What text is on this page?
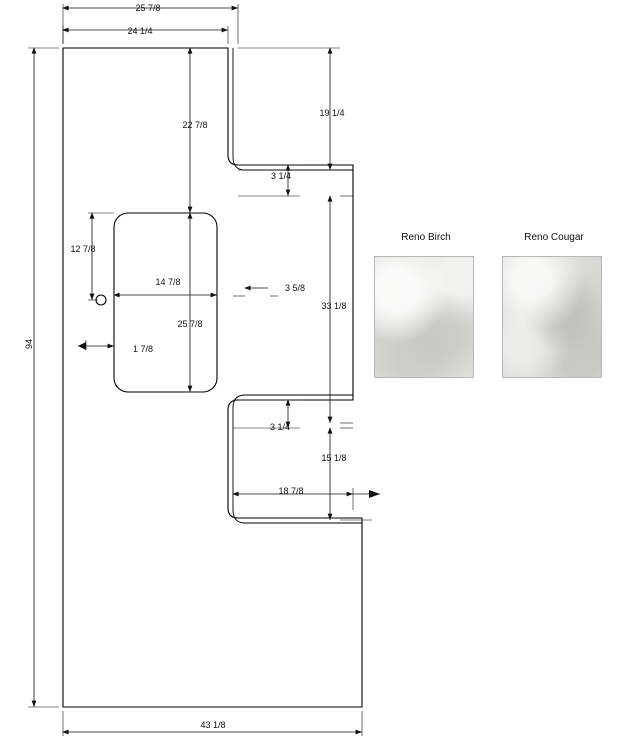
25 7/8
24 1/4
22 7/8
19 1/4
3 1/4
12 7/8
14 7/8
3 5/8
33 1/8
25 7/8
1 7/8
94
3 1/4
15 1/8
18 7/8
43 1/8
Reno Birch	Reno Cougar
